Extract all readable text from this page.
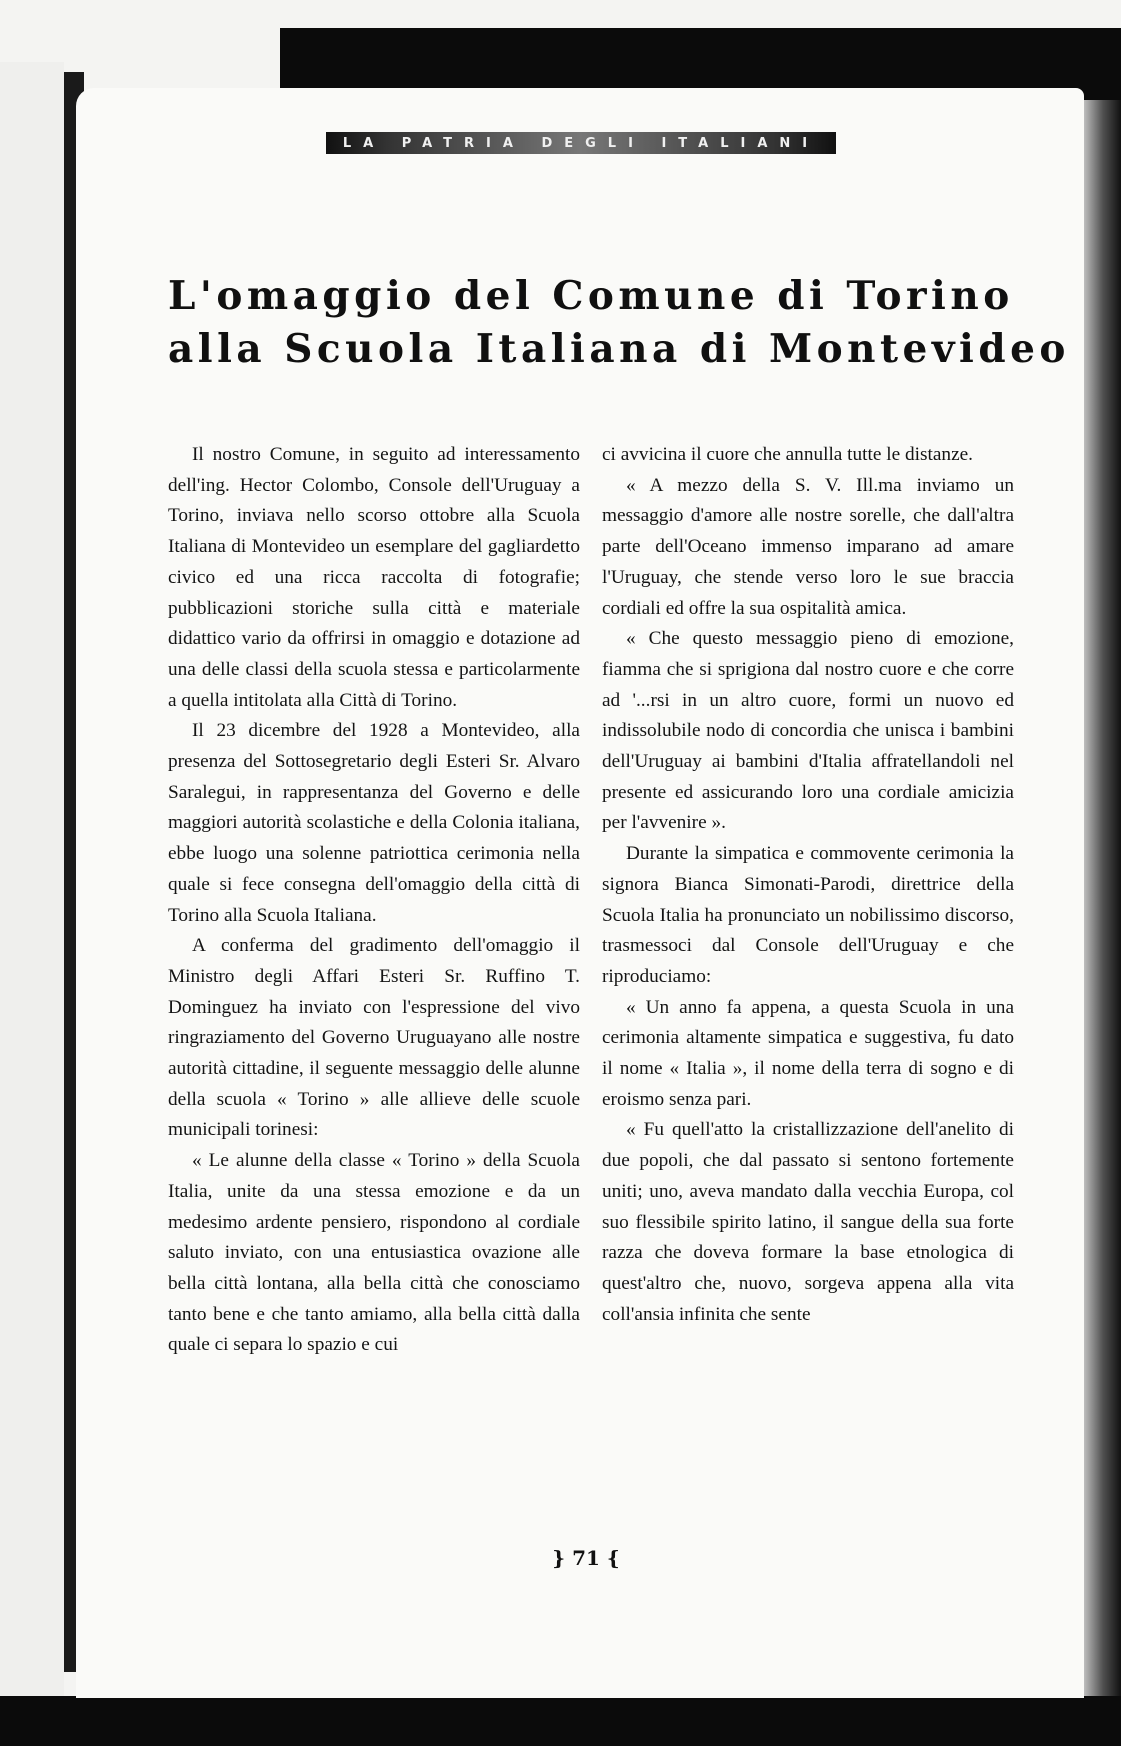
LA PATRIA DEGLI ITALIANI
L'omaggio del Comune di Torino
alla Scuola Italiana di Montevideo

Il nostro Comune, in seguito ad interessamento dell'ing. Hector Colombo, Console dell'Uruguay a Torino, inviava nello scorso ottobre alla Scuola Italiana di Montevideo un esemplare del gagliardetto civico ed una ricca raccolta di fotografie; pubblicazioni storiche sulla città e materiale didattico vario da offrirsi in omaggio e dotazione ad una delle classi della scuola stessa e particolarmente a quella intitolata alla Città di Torino.

Il 23 dicembre del 1928 a Montevideo, alla presenza del Sottosegretario degli Esteri Sr. Alvaro Saralegui, in rappresentanza del Governo e delle maggiori autorità scolastiche e della Colonia italiana, ebbe luogo una solenne patriottica cerimonia nella quale si fece consegna dell'omaggio della città di Torino alla Scuola Italiana.

A conferma del gradimento dell'omaggio il Ministro degli Affari Esteri Sr. Ruffino T. Dominguez ha inviato con l'espressione del vivo ringraziamento del Governo Uruguayano alle nostre autorità cittadine, il seguente messaggio delle alunne della scuola « Torino » alle allieve delle scuole municipali torinesi:

« Le alunne della classe « Torino » della Scuola Italia, unite da una stessa emozione e da un medesimo ardente pensiero, rispondono al cordiale saluto inviato, con una entusiastica ovazione alle bella città lontana, alla bella città che conosciamo tanto bene e che tanto amiamo, alla bella città dalla quale ci separa lo spazio e cui

ci avvicina il cuore che annulla tutte le distanze.

« A mezzo della S. V. Ill.ma inviamo un messaggio d'amore alle nostre sorelle, che dall'altra parte dell'Oceano immenso imparano ad amare l'Uruguay, che stende verso loro le sue braccia cordiali ed offre la sua ospitalità amica.

« Che questo messaggio pieno di emozione, fiamma che si sprigiona dal nostro cuore e che corre ad '...rsi in un altro cuore, formi un nuovo ed indissolubile nodo di concordia che unisca i bambini dell'Uruguay ai bambini d'Italia affratellandoli nel presente ed assicurando loro una cordiale amicizia per l'avvenire ».

Durante la simpatica e commovente cerimonia la signora Bianca Simonati-Parodi, direttrice della Scuola Italia ha pronunciato un nobilissimo discorso, trasmessoci dal Console dell'Uruguay e che riproduciamo:

« Un anno fa appena, a questa Scuola in una cerimonia altamente simpatica e suggestiva, fu dato il nome « Italia », il nome della terra di sogno e di eroismo senza pari.

« Fu quell'atto la cristallizzazione dell'anelito di due popoli, che dal passato si sentono fortemente uniti; uno, aveva mandato dalla vecchia Europa, col suo flessibile spirito latino, il sangue della sua forte razza che doveva formare la base etnologica di quest'altro che, nuovo, sorgeva appena alla vita coll'ansia infinita che sente

} 71 {
